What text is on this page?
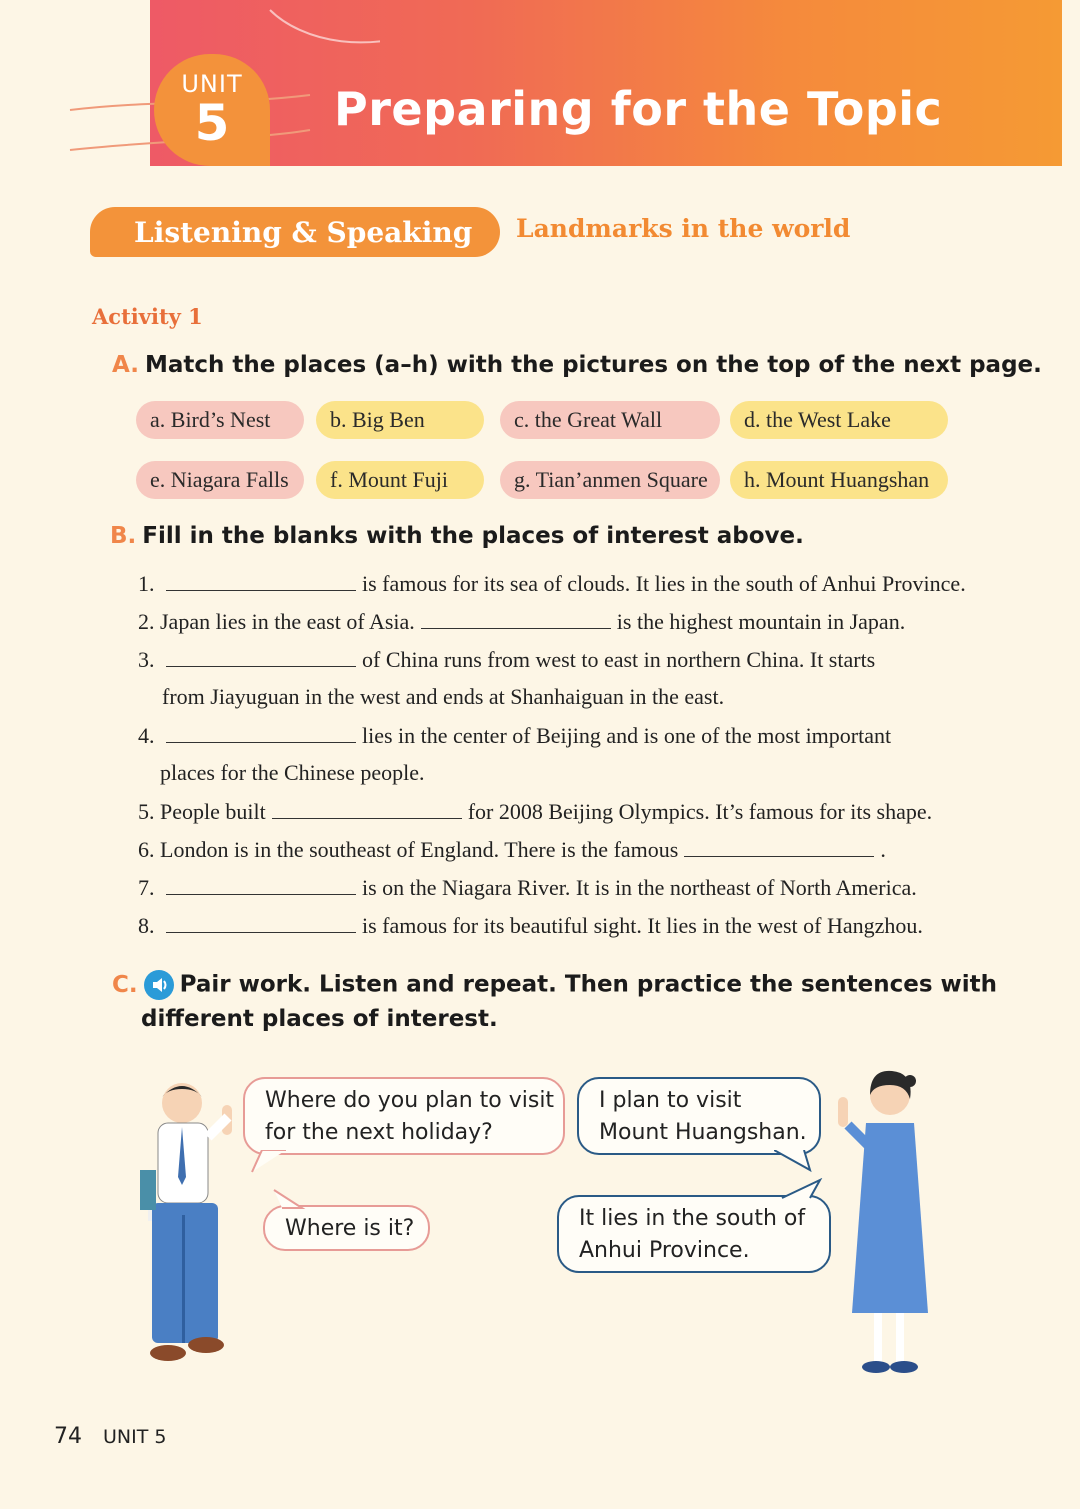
UNIT
5	Preparing for the Topic
Listening & Speaking	Landmarks in the world
Activity 1
A. Match the places (a–h) with the pictures on the top of the next page.
a. Bird’s Nest	b. Big Ben	c. the Great Wall	d. the West Lake
e. Niagara Falls	f. Mount Fuji	g. Tian’anmen Square	h. Mount Huangshan
B. Fill in the blanks with the places of interest above.
1.	is famous for its sea of clouds. It lies in the south of Anhui Province.
2. Japan lies in the east of Asia.	is the highest mountain in Japan.
3.	of China runs from west to east in northern China. It starts
from Jiayuguan in the west and ends at Shanhaiguan in the east.
4.	lies in the center of Beijing and is one of the most important
places for the Chinese people.
5. People built	for 2008 Beijing Olympics. It’s famous for its shape.
6. London is in the southeast of England. There is the famous	.
7.	is on the Niagara River. It is in the northeast of North America.
8.	is famous for its beautiful sight. It lies in the west of Hangzhou.
C. Pair work. Listen and repeat. Then practice the sentences with
different places of interest.
Where do you plan to visit
for the next holiday?
I plan to visit
Mount Huangshan.
Where is it?	It lies in the south of
Anhui Province.
74 UNIT 5
